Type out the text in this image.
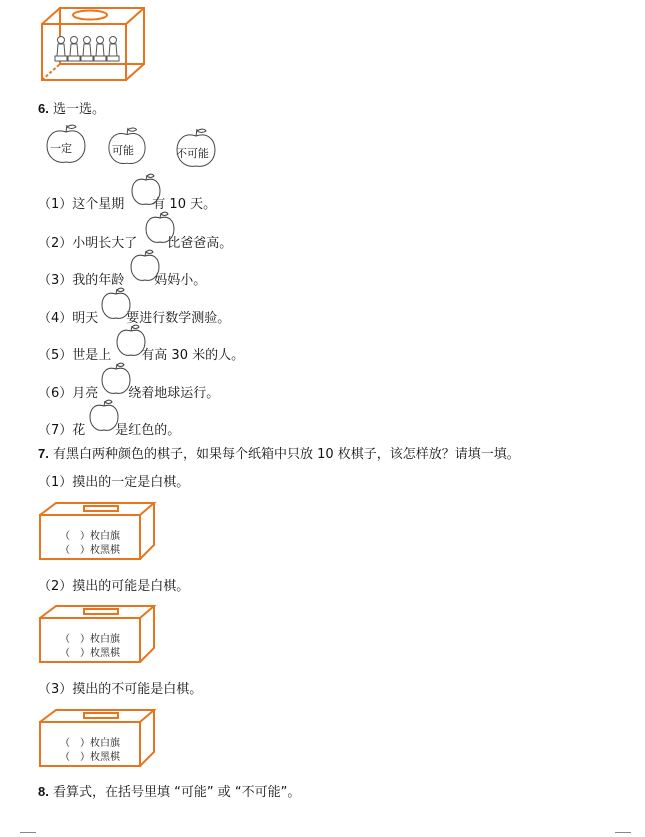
6. 选一选。
一定	可能	不可能
（1）这个星期 有 10 天。
（2）小明长大了 比爸爸高。
（3）我的年龄 妈妈小。
（4）明天 要进行数学测验。
（5）世是上 有高 30 米的人。
（6）月亮 绕着地球运行。
（7）花 是红色的。
7. 有黑白两种颜色的棋子，如果每个纸箱中只放 10 枚棋子，该怎样放？请填一填。
（1）摸出的一定是白棋。
（　）枚白旗
（　）枚黑棋
（2）摸出的可能是白棋。
（　）枚白旗
（　）枚黑棋
（3）摸出的不可能是白棋。
（　）枚白旗
（　）枚黑棋
8. 看算式，在括号里填 “可能” 或 “不可能”。
